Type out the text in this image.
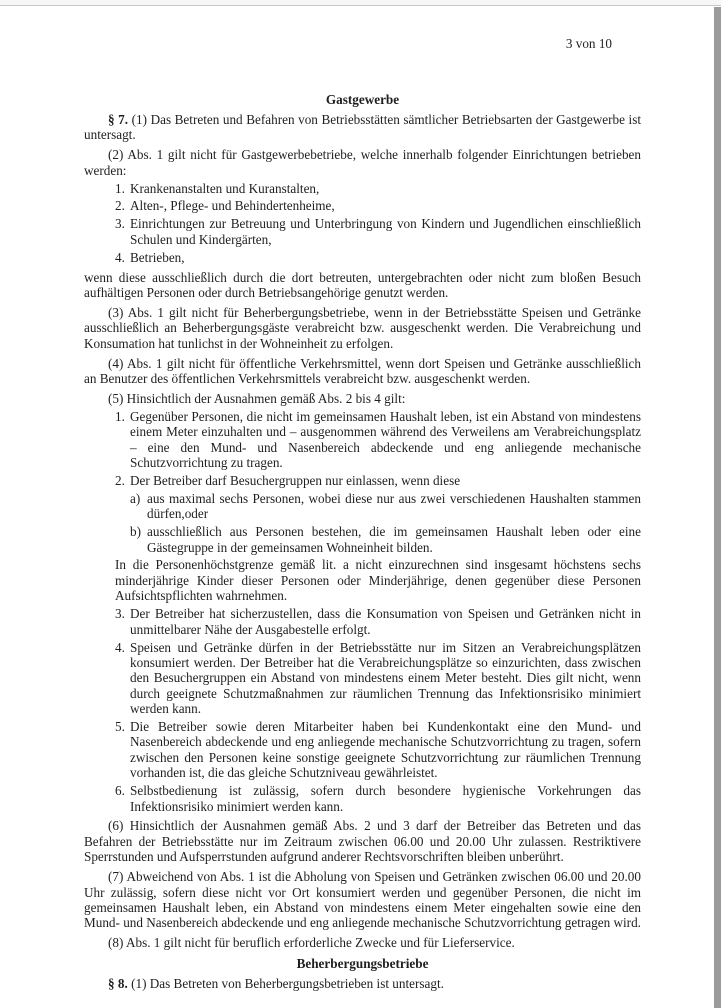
3 von 10
Gastgewerbe
§ 7. (1) Das Betreten und Befahren von Betriebsstätten sämtlicher Betriebsarten der Gastgewerbe ist untersagt.
(2) Abs. 1 gilt nicht für Gastgewerbebetriebe, welche innerhalb folgender Einrichtungen betrieben werden:
1. Krankenanstalten und Kuranstalten,
2. Alten-, Pflege- und Behindertenheime,
3. Einrichtungen zur Betreuung und Unterbringung von Kindern und Jugendlichen einschließlich Schulen und Kindergärten,
4. Betrieben,
wenn diese ausschließlich durch die dort betreuten, untergebrachten oder nicht zum bloßen Besuch aufhältigen Personen oder durch Betriebsangehörige genutzt werden.
(3) Abs. 1 gilt nicht für Beherbergungsbetriebe, wenn in der Betriebsstätte Speisen und Getränke ausschließlich an Beherbergungsgäste verabreicht bzw. ausgeschenkt werden. Die Verabreichung und Konsumation hat tunlichst in der Wohneinheit zu erfolgen.
(4) Abs. 1 gilt nicht für öffentliche Verkehrsmittel, wenn dort Speisen und Getränke ausschließlich an Benutzer des öffentlichen Verkehrsmittels verabreicht bzw. ausgeschenkt werden.
(5) Hinsichtlich der Ausnahmen gemäß Abs. 2 bis 4 gilt:
1. Gegenüber Personen, die nicht im gemeinsamen Haushalt leben, ist ein Abstand von mindestens einem Meter einzuhalten und – ausgenommen während des Verweilens am Verabreichungsplatz – eine den Mund- und Nasenbereich abdeckende und eng anliegende mechanische Schutzvorrichtung zu tragen.
2. Der Betreiber darf Besuchergruppen nur einlassen, wenn diese
a) aus maximal sechs Personen, wobei diese nur aus zwei verschiedenen Haushalten stammen dürfen,oder
b) ausschließlich aus Personen bestehen, die im gemeinsamen Haushalt leben oder eine Gästegruppe in der gemeinsamen Wohneinheit bilden.
In die Personenhöchstgrenze gemäß lit. a nicht einzurechnen sind insgesamt höchstens sechs minderjährige Kinder dieser Personen oder Minderjährige, denen gegenüber diese Personen Aufsichtspflichten wahrnehmen.
3. Der Betreiber hat sicherzustellen, dass die Konsumation von Speisen und Getränken nicht in unmittelbarer Nähe der Ausgabestelle erfolgt.
4. Speisen und Getränke dürfen in der Betriebsstätte nur im Sitzen an Verabreichungsplätzen konsumiert werden. Der Betreiber hat die Verabreichungsplätze so einzurichten, dass zwischen den Besuchergruppen ein Abstand von mindestens einem Meter besteht. Dies gilt nicht, wenn durch geeignete Schutzmaßnahmen zur räumlichen Trennung das Infektionsrisiko minimiert werden kann.
5. Die Betreiber sowie deren Mitarbeiter haben bei Kundenkontakt eine den Mund- und Nasenbereich abdeckende und eng anliegende mechanische Schutzvorrichtung zu tragen, sofern zwischen den Personen keine sonstige geeignete Schutzvorrichtung zur räumlichen Trennung vorhanden ist, die das gleiche Schutzniveau gewährleistet.
6. Selbstbedienung ist zulässig, sofern durch besondere hygienische Vorkehrungen das Infektionsrisiko minimiert werden kann.
(6) Hinsichtlich der Ausnahmen gemäß Abs. 2 und 3 darf der Betreiber das Betreten und das Befahren der Betriebsstätte nur im Zeitraum zwischen 06.00 und 20.00 Uhr zulassen. Restriktivere Sperrstunden und Aufsperrstunden aufgrund anderer Rechtsvorschriften bleiben unberührt.
(7) Abweichend von Abs. 1 ist die Abholung von Speisen und Getränken zwischen 06.00 und 20.00 Uhr zulässig, sofern diese nicht vor Ort konsumiert werden und gegenüber Personen, die nicht im gemeinsamen Haushalt leben, ein Abstand von mindestens einem Meter eingehalten sowie eine den Mund- und Nasenbereich abdeckende und eng anliegende mechanische Schutzvorrichtung getragen wird.
(8) Abs. 1 gilt nicht für beruflich erforderliche Zwecke und für Lieferservice.
Beherbergungsbetriebe
§ 8. (1) Das Betreten von Beherbergungsbetrieben ist untersagt.
